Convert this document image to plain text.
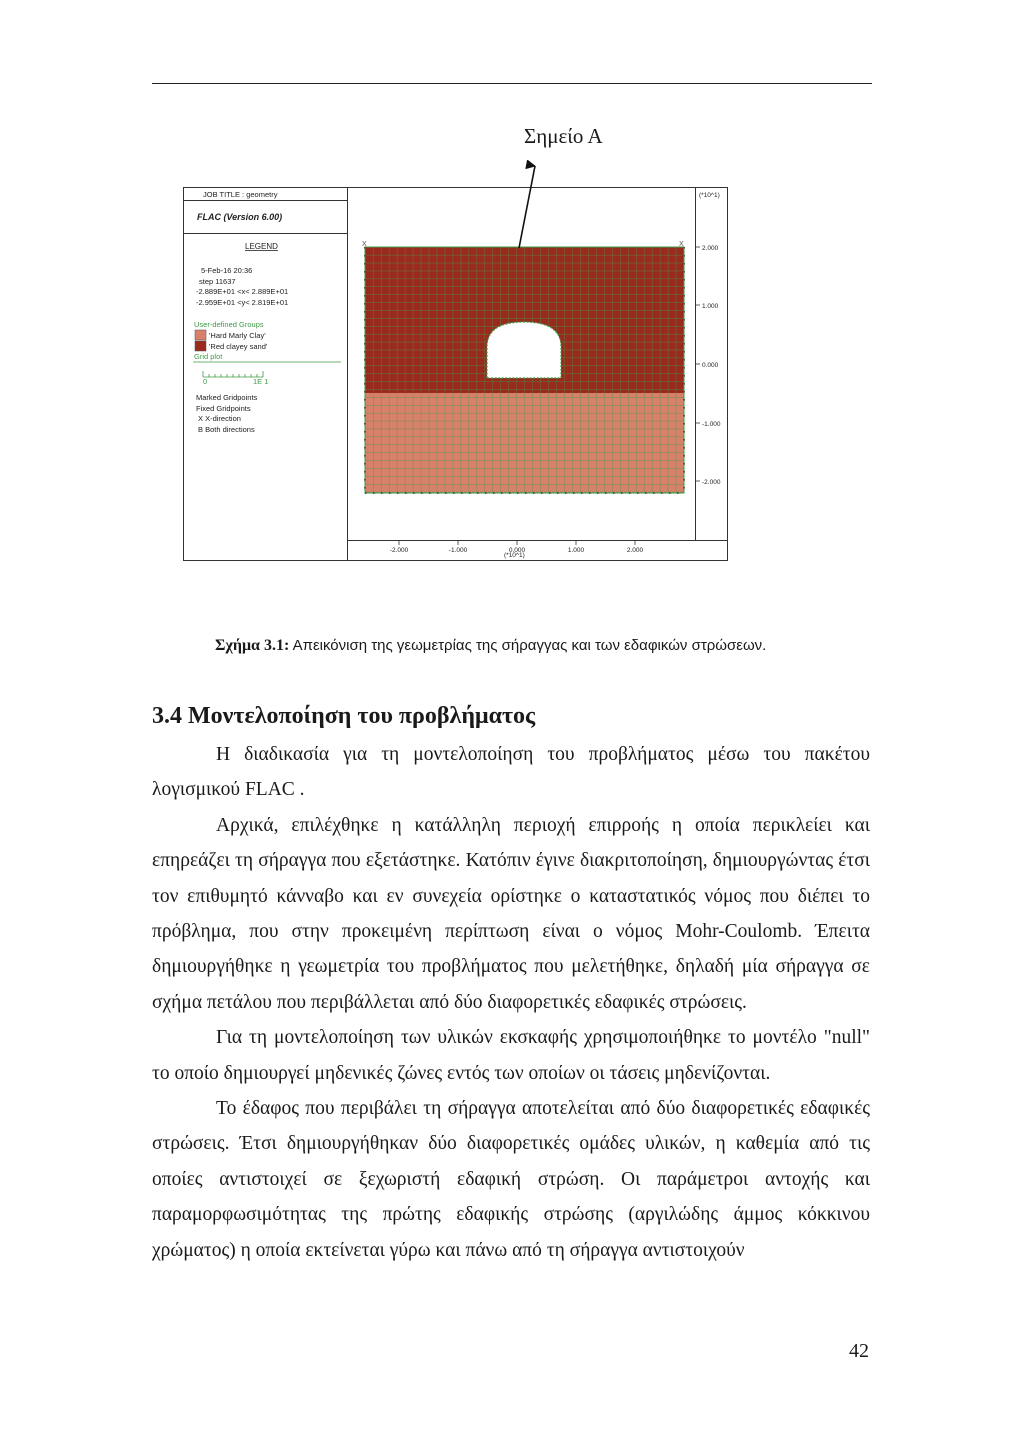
Σημείο Α
JOB TITLE : geometry
FLAC (Version 6.00)
LEGEND
5-Feb-16 20:36
step 11637
-2.889E+01 <x< 2.889E+01
-2.959E+01 <y< 2.819E+01
User-defined Groups
'Hard Marly Clay'
'Red clayey sand'
Grid plot
0	1E 1
Marked Gridpoints
Fixed Gridpoints
X X-direction
B Both directions
X	X
(*10^1)
(*10^1)
2.000
1.000
0.000
-1.000
-2.000
-2.000	-1.000	0.000	1.000	2.000
Σχήμα 3.1: Απεικόνιση της γεωμετρίας της σήραγγας και των εδαφικών στρώσεων.
3.4 Μοντελοποίηση του προβλήματος

Η διαδικασία για τη μοντελοποίηση του προβλήματος μέσω του πακέτου λογισμικού FLAC .

Αρχικά, επιλέχθηκε η κατάλληλη περιοχή επιρροής η οποία περικλείει και επηρεάζει τη σήραγγα που εξετάστηκε. Κατόπιν έγινε διακριτοποίηση, δημιουργώντας έτσι τον επιθυμητό κάνναβο και εν συνεχεία ορίστηκε ο καταστατικός νόμος που διέπει το πρόβλημα, που στην προκειμένη περίπτωση είναι ο νόμος Mohr-Coulomb. Έπειτα δημιουργήθηκε η γεωμετρία του προβλήματος που μελετήθηκε, δηλαδή μία σήραγγα σε σχήμα πετάλου που περιβάλλεται από δύο διαφορετικές εδαφικές στρώσεις.

Για τη μοντελοποίηση των υλικών εκσκαφής χρησιμοποιήθηκε το μοντέλο "null" το οποίο δημιουργεί μηδενικές ζώνες εντός των οποίων οι τάσεις μηδενίζονται.

Το έδαφος που περιβάλει τη σήραγγα αποτελείται από δύο διαφορετικές εδαφικές στρώσεις. Έτσι δημιουργήθηκαν δύο διαφορετικές ομάδες υλικών, η καθεμία από τις οποίες αντιστοιχεί σε ξεχωριστή εδαφική στρώση. Οι παράμετροι αντοχής και παραμορφωσιμότητας της πρώτης εδαφικής στρώσης (αργιλώδης άμμος κόκκινου χρώματος) η οποία εκτείνεται γύρω και πάνω από τη σήραγγα αντιστοιχούν

42
